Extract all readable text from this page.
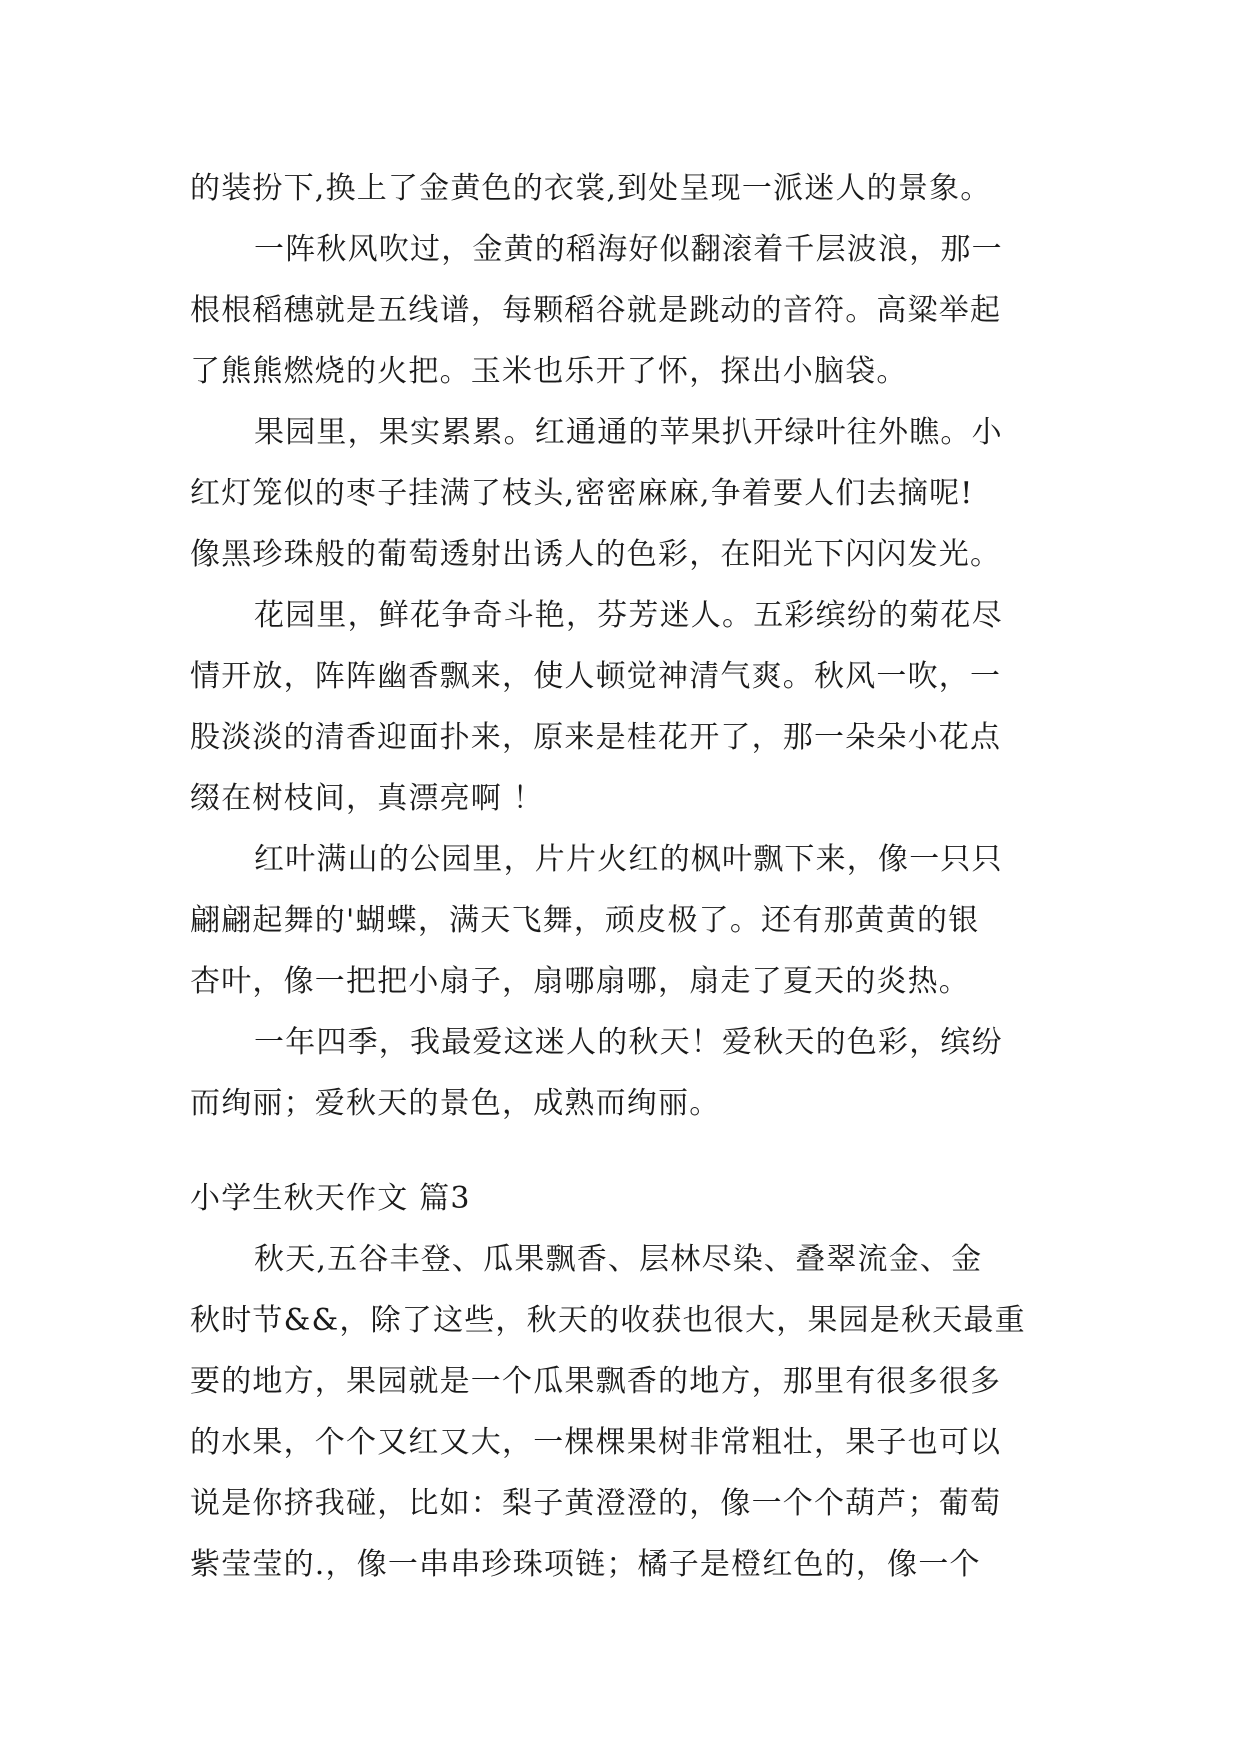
的装扮下,换上了金黄色的衣裳,到处呈现一派迷人的景象。
一阵秋风吹过，金黄的稻海好似翻滚着千层波浪，那一
根根稻穗就是五线谱，每颗稻谷就是跳动的音符。高粱举起
了熊熊燃烧的火把。玉米也乐开了怀，探出小脑袋。
果园里，果实累累。红通通的苹果扒开绿叶往外瞧。小
红灯笼似的枣子挂满了枝头,密密麻麻,争着要人们去摘呢!
像黑珍珠般的葡萄透射出诱人的色彩，在阳光下闪闪发光。
花园里，鲜花争奇斗艳，芬芳迷人。五彩缤纷的菊花尽
情开放，阵阵幽香飘来，使人顿觉神清气爽。秋风一吹，一
股淡淡的清香迎面扑来，原来是桂花开了，那一朵朵小花点
缀在树枝间，真漂亮啊 ！
红叶满山的公园里，片片火红的枫叶飘下来，像一只只
翩翩起舞的'蝴蝶，满天飞舞，顽皮极了。还有那黄黄的银
杏叶，像一把把小扇子，扇哪扇哪，扇走了夏天的炎热。
一年四季，我最爱这迷人的秋天！爱秋天的色彩，缤纷
而绚丽；爱秋天的景色，成熟而绚丽。
小学生秋天作文 篇3
秋天,五谷丰登、瓜果飘香、层林尽染、叠翠流金、金
秋时节&&，除了这些，秋天的收获也很大，果园是秋天最重
要的地方，果园就是一个瓜果飘香的地方，那里有很多很多
的水果，个个又红又大，一棵棵果树非常粗壮，果子也可以
说是你挤我碰，比如：梨子黄澄澄的，像一个个葫芦；葡萄
紫莹莹的.，像一串串珍珠项链；橘子是橙红色的，像一个
